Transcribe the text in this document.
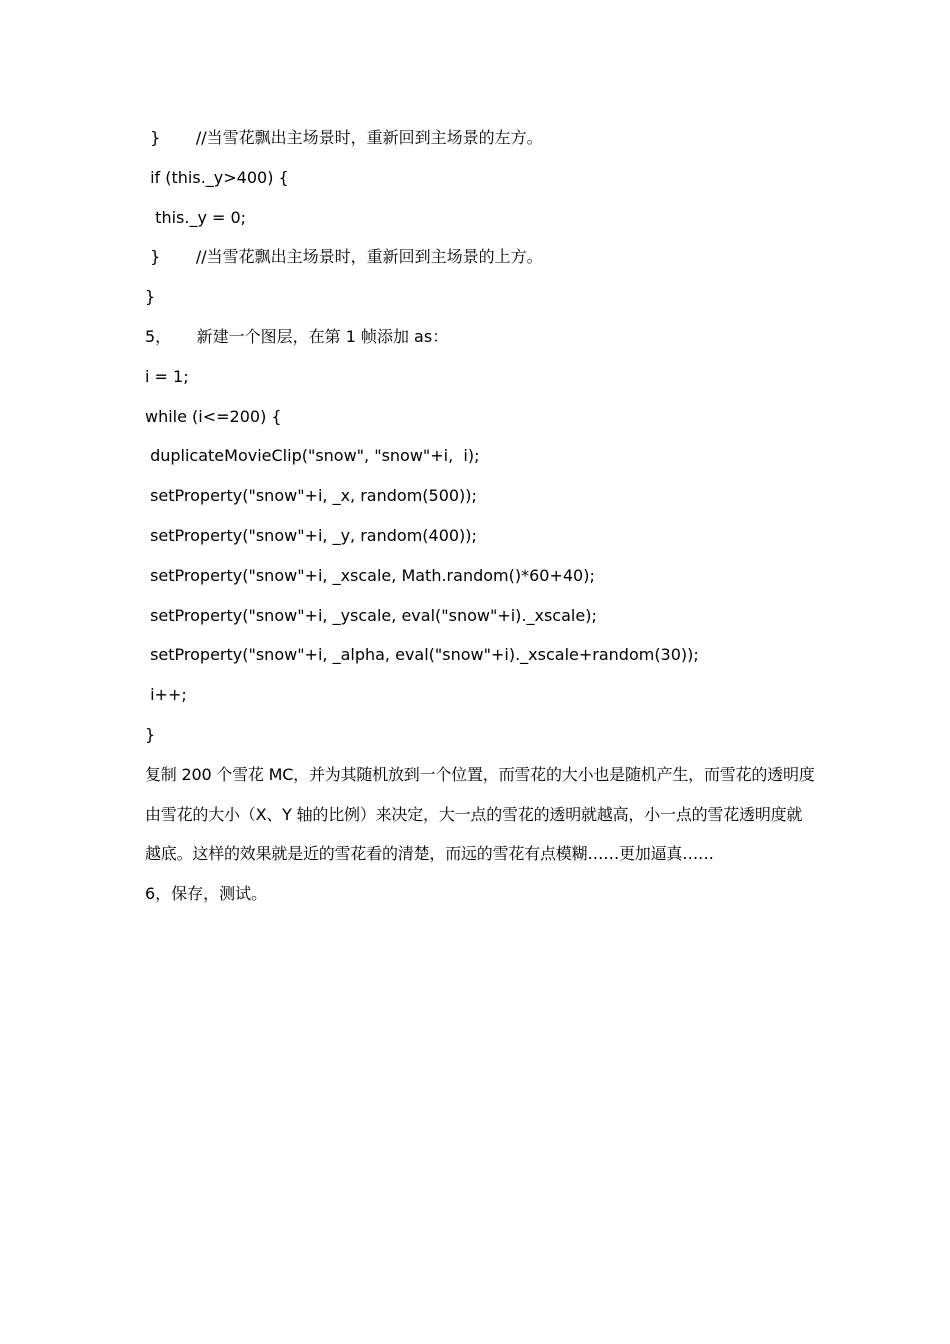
}       //当雪花飘出主场景时，重新回到主场景的左方。
if (this._y>400) {
this._y = 0;
}       //当雪花飘出主场景时，重新回到主场景的上方。
}
5，     新建一个图层，在第 1 帧添加 as：
i = 1;
while (i<=200) {
duplicateMovieClip("snow", "snow"+i,  i);
setProperty("snow"+i, _x, random(500));
setProperty("snow"+i, _y, random(400));
setProperty("snow"+i, _xscale, Math.random()*60+40);
setProperty("snow"+i, _yscale, eval("snow"+i)._xscale);
setProperty("snow"+i, _alpha, eval("snow"+i)._xscale+random(30));
i++;
}
复制 200 个雪花 MC，并为其随机放到一个位置，而雪花的大小也是随机产生，而雪花的透明度由雪花的大小（X、Y 轴的比例）来决定，大一点的雪花的透明就越高，小一点的雪花透明度就越底。这样的效果就是近的雪花看的清楚，而远的雪花有点模糊……更加逼真……
6，保存，测试。
